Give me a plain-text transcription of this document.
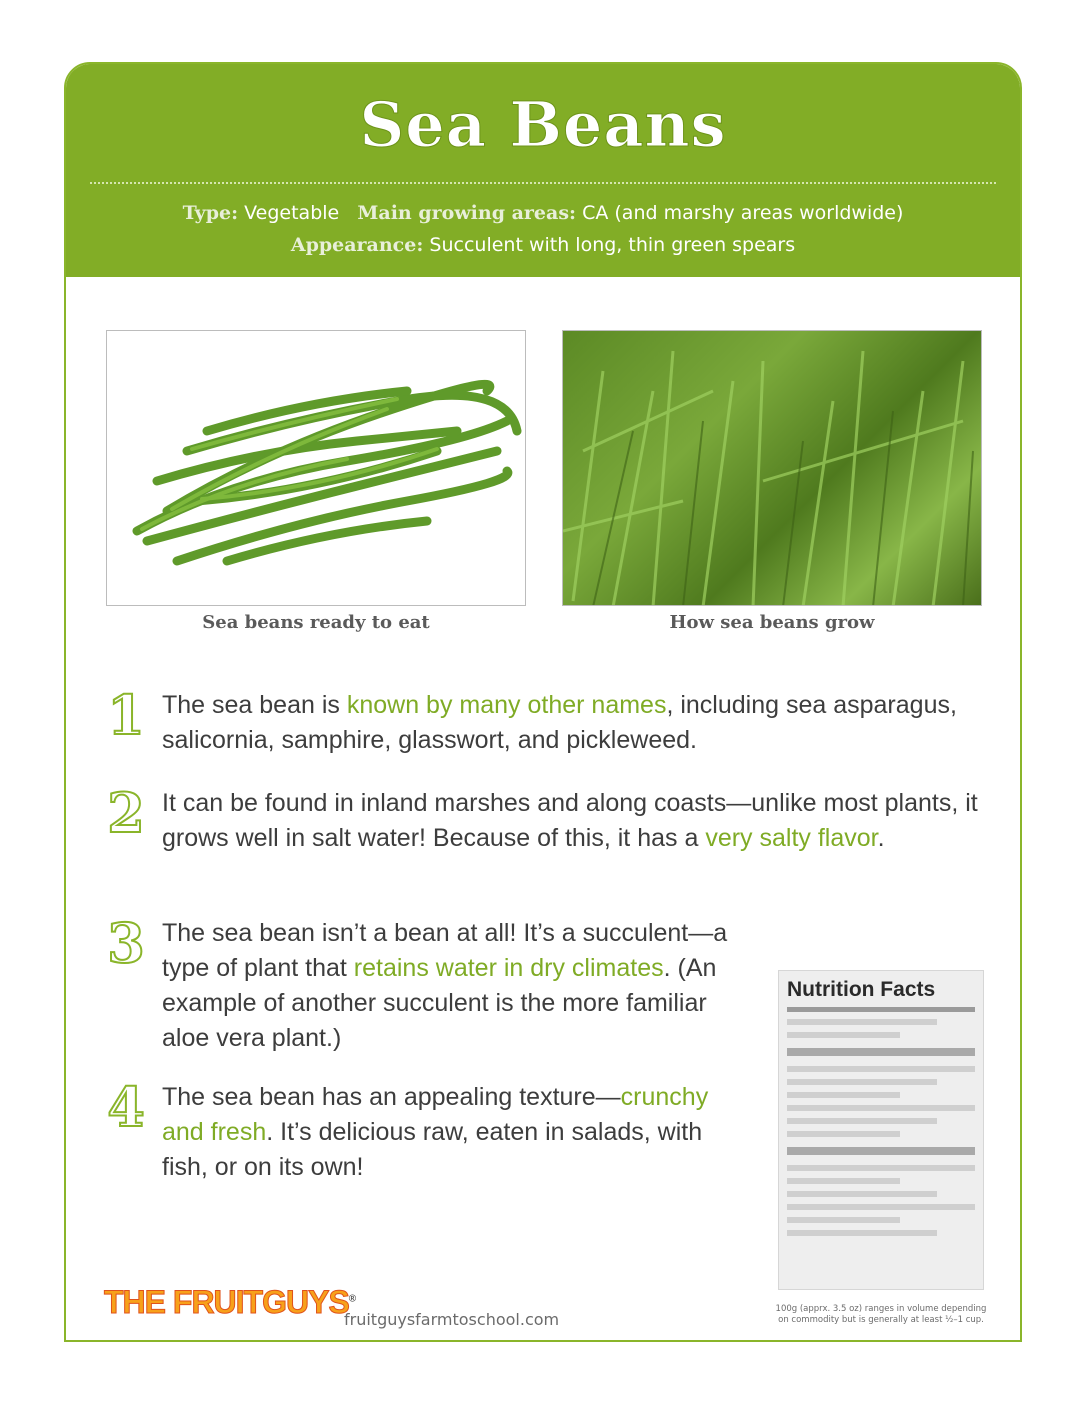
Sea Beans
Type: Vegetable Main growing areas: CA (and marshy areas worldwide)
Appearance: Succulent with long, thin green spears
Sea beans ready to eat	How sea beans grow
1 The sea bean is known by many other names, including sea asparagus, salicornia, samphire, glasswort, and pickleweed.
2 It can be found in inland marshes and along coasts—unlike most plants, it grows well in salt water! Because of this, it has a very salty flavor.
3 The sea bean isn’t a bean at all! It’s a succulent—a type of plant that retains water in dry climates. (An example of another succulent is the more familiar aloe vera plant.)
4 The sea bean has an appealing texture—crunchy and fresh. It’s delicious raw, eaten in salads, with fish, or on its own!
Nutrition Facts
100g (apprx. 3.5 oz) ranges in volume depending on commodity but is generally at least ½–1 cup.
THE FRUITGUYS®
fruitguysfarmtoschool.com
